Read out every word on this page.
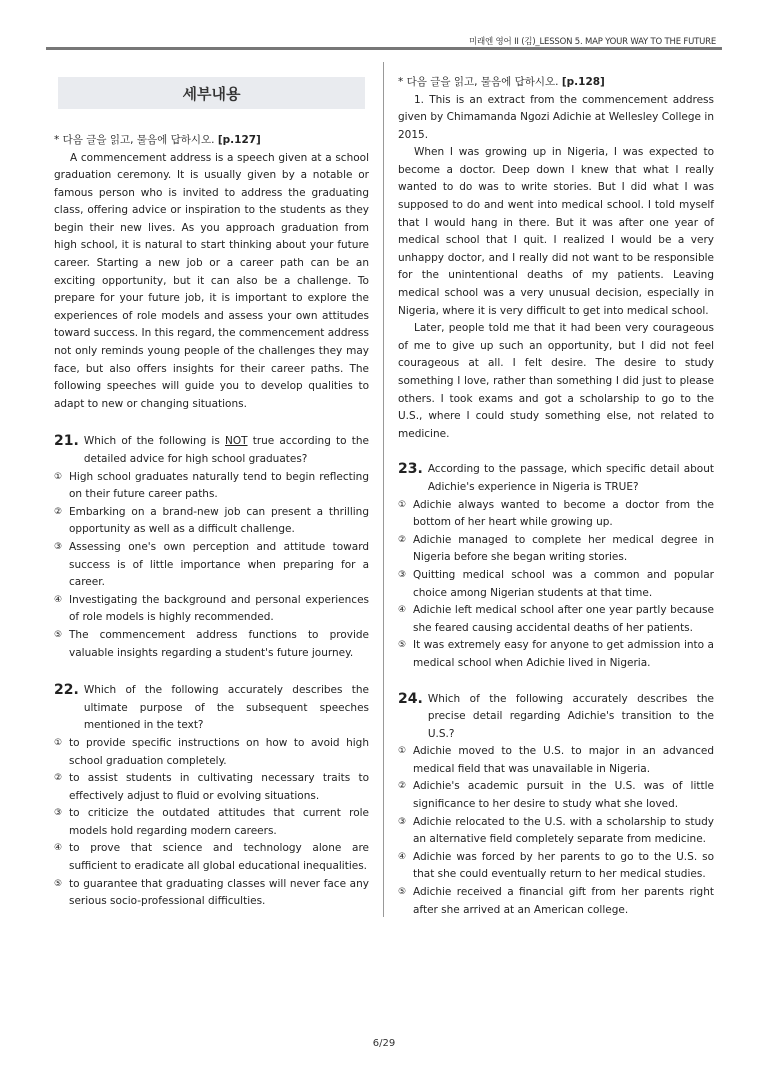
미래엔 영어 II (김)_LESSON 5. MAP YOUR WAY TO THE FUTURE
세부내용

* 다음 글을 읽고, 물음에 답하시오. [p.127]

A commencement address is a speech given at a school graduation ceremony. It is usually given by a notable or famous person who is invited to address the graduating class, offering advice or inspiration to the students as they begin their new lives. As you approach graduation from high school, it is natural to start thinking about your future career. Starting a new job or a career path can be an exciting opportunity, but it can also be a challenge. To prepare for your future job, it is important to explore the experiences of role models and assess your own attitudes toward success. In this regard, the commencement address not only reminds young people of the challenges they may face, but also offers insights for their career paths. The following speeches will guide you to develop qualities to adapt to new or changing situations.

21. Which of the following is NOT true according to the detailed advice for high school graduates?
① High school graduates naturally tend to begin reflecting on their future career paths.
② Embarking on a brand-new job can present a thrilling opportunity as well as a difficult challenge.
③ Assessing one's own perception and attitude toward success is of little importance when preparing for a career.
④ Investigating the background and personal experiences of role models is highly recommended.
⑤ The commencement address functions to provide valuable insights regarding a student's future journey.
22. Which of the following accurately describes the ultimate purpose of the subsequent speeches mentioned in the text?
① to provide specific instructions on how to avoid high school graduation completely.
② to assist students in cultivating necessary traits to effectively adjust to fluid or evolving situations.
③ to criticize the outdated attitudes that current role models hold regarding modern careers.
④ to prove that science and technology alone are sufficient to eradicate all global educational inequalities.
⑤ to guarantee that graduating classes will never face any serious socio-professional difficulties.

* 다음 글을 읽고, 물음에 답하시오. [p.128]

1. This is an extract from the commencement address given by Chimamanda Ngozi Adichie at Wellesley College in 2015.

When I was growing up in Nigeria, I was expected to become a doctor. Deep down I knew that what I really wanted to do was to write stories. But I did what I was supposed to do and went into medical school. I told myself that I would hang in there. But it was after one year of medical school that I quit. I realized I would be a very unhappy doctor, and I really did not want to be responsible for the unintentional deaths of my patients. Leaving medical school was a very unusual decision, especially in Nigeria, where it is very difficult to get into medical school.

Later, people told me that it had been very courageous of me to give up such an opportunity, but I did not feel courageous at all. I felt desire. The desire to study something I love, rather than something I did just to please others. I took exams and got a scholarship to go to the U.S., where I could study something else, not related to medicine.

23. According to the passage, which specific detail about Adichie's experience in Nigeria is TRUE?
① Adichie always wanted to become a doctor from the bottom of her heart while growing up.
② Adichie managed to complete her medical degree in Nigeria before she began writing stories.
③ Quitting medical school was a common and popular choice among Nigerian students at that time.
④ Adichie left medical school after one year partly because she feared causing accidental deaths of her patients.
⑤ It was extremely easy for anyone to get admission into a medical school when Adichie lived in Nigeria.
24. Which of the following accurately describes the precise detail regarding Adichie's transition to the U.S.?
① Adichie moved to the U.S. to major in an advanced medical field that was unavailable in Nigeria.
② Adichie's academic pursuit in the U.S. was of little significance to her desire to study what she loved.
③ Adichie relocated to the U.S. with a scholarship to study an alternative field completely separate from medicine.
④ Adichie was forced by her parents to go to the U.S. so that she could eventually return to her medical studies.
⑤ Adichie received a financial gift from her parents right after she arrived at an American college.
6/29
